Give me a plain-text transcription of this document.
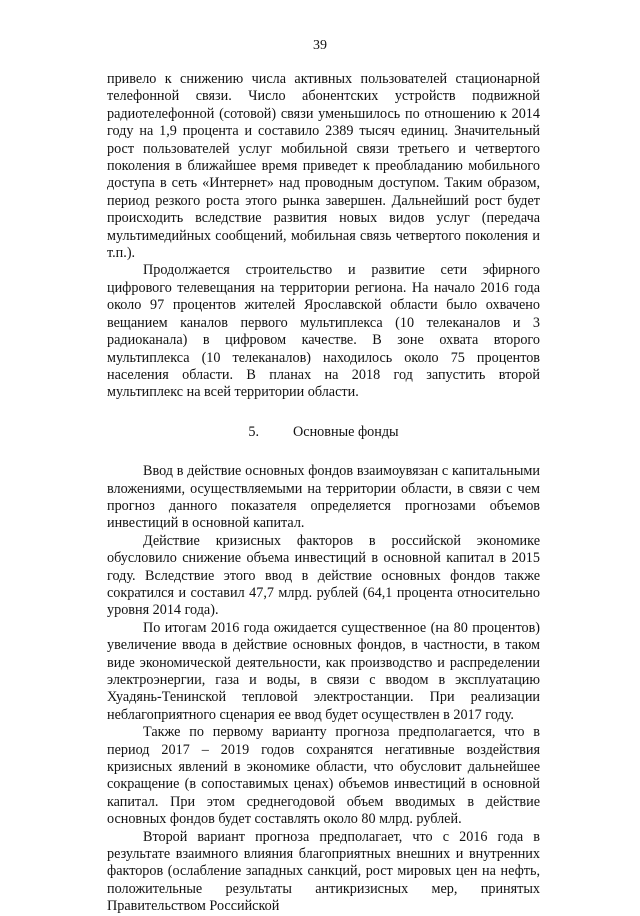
39

привело к снижению числа активных пользователей стационарной телефонной связи. Число абонентских устройств подвижной радиотелефонной (сотовой) связи уменьшилось по отношению к 2014 году на 1,9 процента и составило 2389 тысяч единиц. Значительный рост пользователей услуг мобильной связи третьего и четвертого поколения в ближайшее время приведет к преобладанию мобильного доступа в сеть «Интернет» над проводным доступом. Таким образом, период резкого роста этого рынка завершен. Дальнейший рост будет происходить вследствие развития новых видов услуг (передача мультимедийных сообщений, мобильная связь четвертого поколения и т.п.).

Продолжается строительство и развитие сети эфирного цифрового телевещания на территории региона. На начало 2016 года около 97 процентов жителей Ярославской области было охвачено вещанием каналов первого мультиплекса (10 телеканалов и 3 радиоканала) в цифровом качестве. В зоне охвата второго мультиплекса (10 телеканалов) находилось около 75 процентов населения области. В планах на 2018 год запустить второй мультиплекс на всей территории области.

5. Основные фонды

Ввод в действие основных фондов взаимоувязан с капитальными вложениями, осуществляемыми на территории области, в связи с чем прогноз данного показателя определяется прогнозами объемов инвестиций в основной капитал.

Действие кризисных факторов в российской экономике обусловило снижение объема инвестиций в основной капитал в 2015 году. Вследствие этого ввод в действие основных фондов также сократился и составил 47,7 млрд. рублей (64,1 процента относительно уровня 2014 года).

По итогам 2016 года ожидается существенное (на 80 процентов) увеличение ввода в действие основных фондов, в частности, в таком виде экономической деятельности, как производство и распределении электроэнергии, газа и воды, в связи с вводом в эксплуатацию Хуадянь-Тенинской тепловой электростанции. При реализации неблагоприятного сценария ее ввод будет осуществлен в 2017 году.

Также по первому варианту прогноза предполагается, что в период 2017 – 2019 годов сохранятся негативные воздействия кризисных явлений в экономике области, что обусловит дальнейшее сокращение (в сопоставимых ценах) объемов инвестиций в основной капитал. При этом среднегодовой объем вводимых в действие основных фондов будет составлять около 80 млрд. рублей.

Второй вариант прогноза предполагает, что с 2016 года в результате взаимного влияния благоприятных внешних и внутренних факторов (ослабление западных санкций, рост мировых цен на нефть, положительные результаты антикризисных мер, принятых Правительством Российской
